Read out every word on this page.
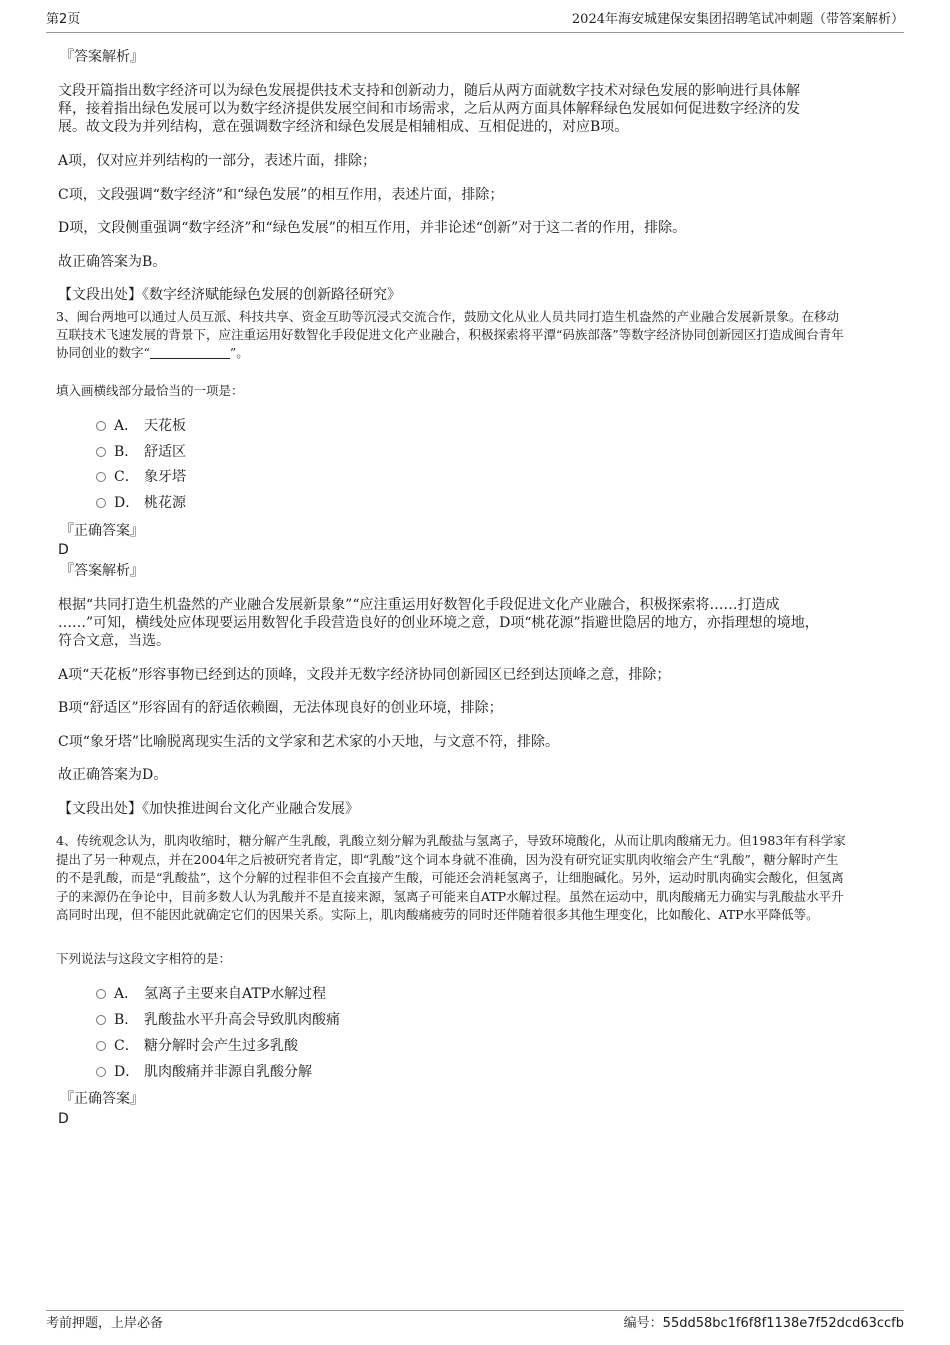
第2页	2024年海安城建保安集团招聘笔试冲刺题（带答案解析）
『答案解析』
文段开篇指出数字经济可以为绿色发展提供技术支持和创新动力，随后从两方面就数字技术对绿色发展的影响进行具体解
释，接着指出绿色发展可以为数字经济提供发展空间和市场需求，之后从两方面具体解释绿色发展如何促进数字经济的发
展。故文段为并列结构，意在强调数字经济和绿色发展是相辅相成、互相促进的，对应B项。
A项，仅对应并列结构的一部分，表述片面，排除；
C项，文段强调“数字经济”和“绿色发展”的相互作用，表述片面，排除；
D项，文段侧重强调“数字经济”和“绿色发展”的相互作用，并非论述“创新”对于这二者的作用，排除。
故正确答案为B。
【文段出处】《数字经济赋能绿色发展的创新路径研究》
3、闽台两地可以通过人员互派、科技共享、资金互助等沉浸式交流合作，鼓励文化从业人员共同打造生机盎然的产业融合发展新景象。在移动
互联技术飞速发展的背景下，应注重运用好数智化手段促进文化产业融合，积极探索将平潭“码族部落”等数字经济协同创新园区打造成闽台青年
协同创业的数字“	”。
填入画横线部分最恰当的一项是：
A． 天花板
B． 舒适区
C． 象牙塔
D． 桃花源
『正确答案』
D
『答案解析』
根据“共同打造生机盎然的产业融合发展新景象”“应注重运用好数智化手段促进文化产业融合，积极探索将……打造成
……”可知，横线处应体现要运用数智化手段营造良好的创业环境之意，D项“桃花源”指避世隐居的地方，亦指理想的境地，
符合文意，当选。
A项“天花板”形容事物已经到达的顶峰，文段并无数字经济协同创新园区已经到达顶峰之意，排除；
B项“舒适区”形容固有的舒适依赖圈，无法体现良好的创业环境，排除；
C项“象牙塔”比喻脱离现实生活的文学家和艺术家的小天地，与文意不符，排除。
故正确答案为D。
【文段出处】《加快推进闽台文化产业融合发展》
4、传统观念认为，肌肉收缩时，糖分解产生乳酸，乳酸立刻分解为乳酸盐与氢离子，导致环境酸化，从而让肌肉酸痛无力。但1983年有科学家
提出了另一种观点，并在2004年之后被研究者肯定，即“乳酸”这个词本身就不准确，因为没有研究证实肌肉收缩会产生“乳酸”，糖分解时产生
的不是乳酸，而是“乳酸盐”，这个分解的过程非但不会直接产生酸，可能还会消耗氢离子，让细胞碱化。另外，运动时肌肉确实会酸化，但氢离
子的来源仍在争论中，目前多数人认为乳酸并不是直接来源，氢离子可能来自ATP水解过程。虽然在运动中，肌肉酸痛无力确实与乳酸盐水平升
高同时出现，但不能因此就确定它们的因果关系。实际上，肌肉酸痛疲劳的同时还伴随着很多其他生理变化，比如酸化、ATP水平降低等。
下列说法与这段文字相符的是：
A． 氢离子主要来自ATP水解过程
B． 乳酸盐水平升高会导致肌肉酸痛
C． 糖分解时会产生过多乳酸
D． 肌肉酸痛并非源自乳酸分解
『正确答案』
D
考前押题，上岸必备	编号：55dd58bc1f6f8f1138e7f52dcd63ccfb
